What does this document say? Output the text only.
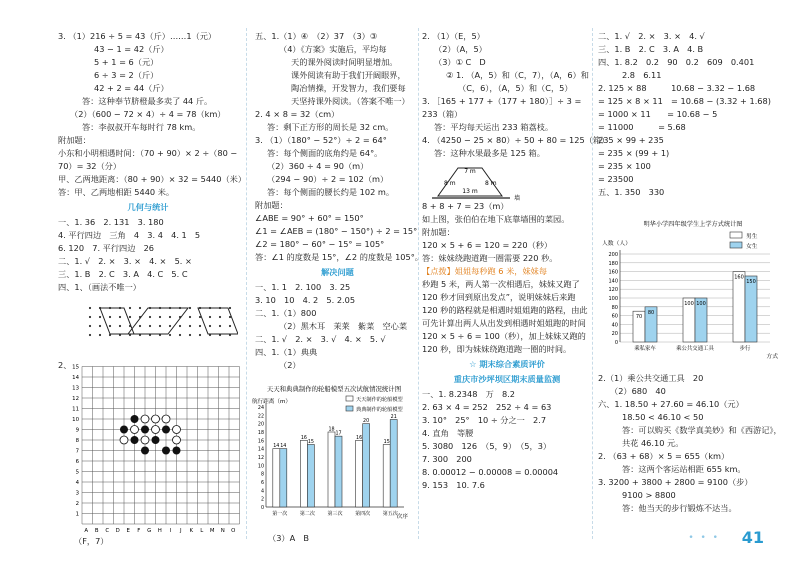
3. （1）216 ÷ 5 = 43（斤）……1（元）
43 − 1 = 42（斤）
5 + 1 = 6（元）
6 ÷ 3 = 2（斤）
42 + 2 = 44（斤）
答：这种奉节脐橙最多卖了 44 斤。
（2）（600 − 72 × 4）÷ 4 = 78（km）
答：李叔叔开车每时行 78 km。
附加题：
小东和小明相遇时间：（70 + 90）× 2 ÷（80 −
70）= 32（分）
甲、乙两地距离：（80 + 90）× 32 = 5440（米）
答：甲、乙两地相距 5440 米。
几何与统计
一、1. 36　2. 131　3. 180
4. 平行四边　三角　4　3. 4　4. 1　5
6. 120　7. 平行四边　26
二、1. √　2. ×　3. ×　4. ×　5. ×
三、1. B　2. C　3. A　4. C　5. C
四、1、（画法不唯一）
2、
1
2
3
4
5
6
7
8
9
10
11
12
13
14
15
A B C D E F G H I J K L M N O
（F，7）
五、1.（1）④　（2）37　（3）③
（4）《方案》实施后，平均每
天的课外阅读时间明显增加。
课外阅读有助于我们开阔眼界，
陶冶情操，开发智力，我们要每
天坚持课外阅读。（答案不唯一）
2. 4 × 8 = 32（cm）
答：剩下正方形的周长是 32 cm。
3. （1）（180° − 52°）÷ 2 = 64°
答：每个侧面的底角约是 64°。
（2）360 ÷ 4 = 90（m）
（294 − 90）÷ 2 = 102（m）
答：每个侧面的腰长约是 102 m。
附加题：
∠ABE = 90° + 60° = 150°
∠1 = ∠AEB = (180° − 150°) ÷ 2 = 15°
∠2 = 180° − 60° − 15° = 105°
答：∠1 的度数是 15°，∠2 的度数是 105°。
解决问题
一、1. 1　2. 100　3. 25
3. 10　10　4. 2　5. 2.05
二、1.（1）800
（2）黑木耳　茉莱　紫菜　空心菜
二、1. √　2. ×　3. √　4. ×　5. √
四、1.（1）典典
（2）
天天和典典制作的轮船模型五次试航情况统计图
航行距离（m）
次序
天天制作的轮船模型
典典制作的轮船模型
0
2
4
6
8
10
12
14
16
18
20
22
24
14 14
第一次
16
15
第二次
18
17
第三次
16
20
第四次
15
21
第五次
（3）A　B
2. （1）（E，5）
（2）（A，5）
（3）① C　D
② 1. （A，5）和（C，7），（A，6）和
（C，6），（A，5）和（C，5）
3. ［165 + 177 +（177 + 180）］÷ 3 =
233（箱）
答：平均每天运出 233 箱荔枝。
4. （4250 − 25 × 80）÷ 50 + 80 = 125（箱）
答：这种水果最多是 125 箱。
8 + 8 + 7 = 23（m）
如上图，张伯伯在地下底靠墙围的菜园。
附加题：
120 × 5 + 6 = 120 = 220（秒）
答：妹妹绕跑道跑一圈需要 220 秒。
【点拨】姐姐每秒跑 6 米，妹妹每
秒跑 5 米，两人第一次相遇后，妹妹又跑了
120 秒才回到原出发点”，说明妹妹后来跑
120 秒的路程就是相遇时姐姐跑的路程，由此
可先计算出两人从出发到相遇时姐姐跑的时间
120 × 5 ÷ 6 = 100（秒），加上妹妹又跑的
120 秒，即为妹妹绕跑道跑一圈的时间。
☆ 期末综合素质评价
重庆市沙坪坝区期末质量监测
一、1. 8.2348　万　8.2
2. 63 × 4 = 252　252 ÷ 4 = 63
3. 10°　25°　10 ÷ 分之一　2.7
4. 直角　等腰
5. 3080　126　（5，9）　（5，3）
7. 300　200
8. 0.00012 − 0.00008 = 0.00004
9. 153　10. 7.6
7 m
8 m	8 m
13 m
墙
二、1. √　2. ×　3. ×　4. √
三、1. B　2. C　3. A　4. B
四、1. 8.2　0.2　90　0.2　609　0.401
2.8　6.11
2. 125 × 88　　　10.68 − 3.32 − 1.68
= 125 × 8 × 11　= 10.68 − (3.32 + 1.68)
= 1000 × 11　　= 10.68 − 5
= 11000　　　= 5.68
235 × 99 + 235
= 235 × (99 + 1)
= 235 × 100
= 23500
五、1. 350　330
明华小学四年级学生上学方式统计图
人数（人）
方式
男生
女生
0
20
40
60
80
100
120
140
160
180
200
70
80
乘私家车
100 100
乘公共交通工具
160
150
步行
2.（1）乘公共交通工具　20
（2）680　40
六、1. 18.50 + 27.60 = 46.10（元）
18.50 < 46.10 < 50
答：可以购买《数学真美妙》和《西游记》，
共花 46.10 元。
2. （63 + 68）× 5 = 655（km）
答：这两个客运站相距 655 km。
3. 3200 + 3800 + 2800 = 9100（步）
9100 > 8800
答：他当天的步行锻炼不达当。
• • • 41
